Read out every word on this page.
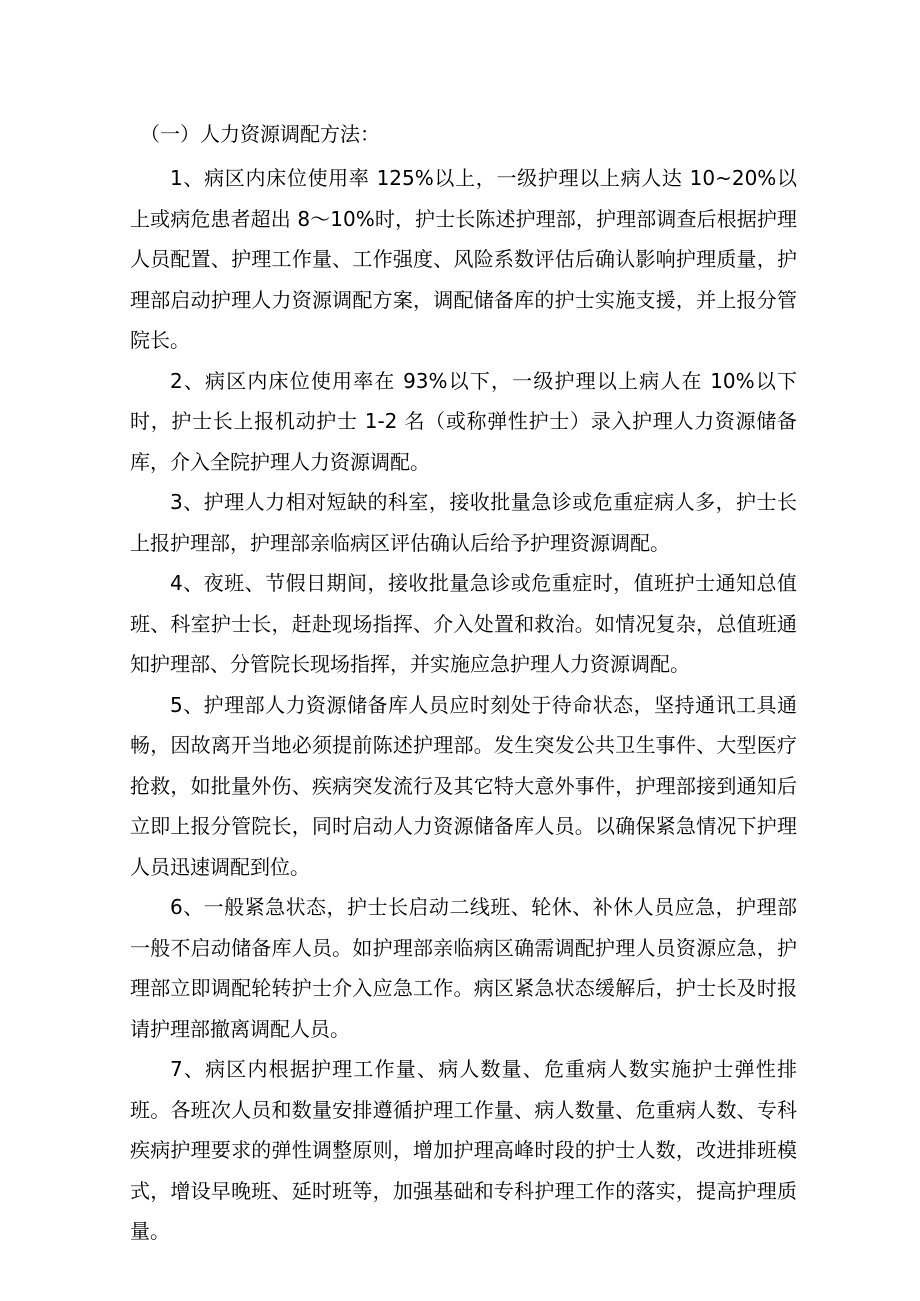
（一）人力资源调配方法：

1、病区内床位使用率 125%以上，一级护理以上病人达 10~20%以上或病危患者超出 8～10%时，护士长陈述护理部，护理部调查后根据护理人员配置、护理工作量、工作强度、风险系数评估后确认影响护理质量，护理部启动护理人力资源调配方案，调配储备库的护士实施支援，并上报分管院长。

2、病区内床位使用率在 93%以下，一级护理以上病人在 10%以下时，护士长上报机动护士 1-2 名（或称弹性护士）录入护理人力资源储备库，介入全院护理人力资源调配。

3、护理人力相对短缺的科室，接收批量急诊或危重症病人多，护士长上报护理部，护理部亲临病区评估确认后给予护理资源调配。

4、夜班、节假日期间，接收批量急诊或危重症时，值班护士通知总值班、科室护士长，赶赴现场指挥、介入处置和救治。如情况复杂，总值班通知护理部、分管院长现场指挥，并实施应急护理人力资源调配。

5、护理部人力资源储备库人员应时刻处于待命状态，坚持通讯工具通畅，因故离开当地必须提前陈述护理部。发生突发公共卫生事件、大型医疗抢救，如批量外伤、疾病突发流行及其它特大意外事件，护理部接到通知后立即上报分管院长，同时启动人力资源储备库人员。以确保紧急情况下护理人员迅速调配到位。

6、一般紧急状态，护士长启动二线班、轮休、补休人员应急，护理部一般不启动储备库人员。如护理部亲临病区确需调配护理人员资源应急，护理部立即调配轮转护士介入应急工作。病区紧急状态缓解后，护士长及时报请护理部撤离调配人员。

7、病区内根据护理工作量、病人数量、危重病人数实施护士弹性排班。各班次人员和数量安排遵循护理工作量、病人数量、危重病人数、专科疾病护理要求的弹性调整原则，增加护理高峰时段的护士人数，改进排班模式，增设早晚班、延时班等，加强基础和专科护理工作的落实，提高护理质量。
